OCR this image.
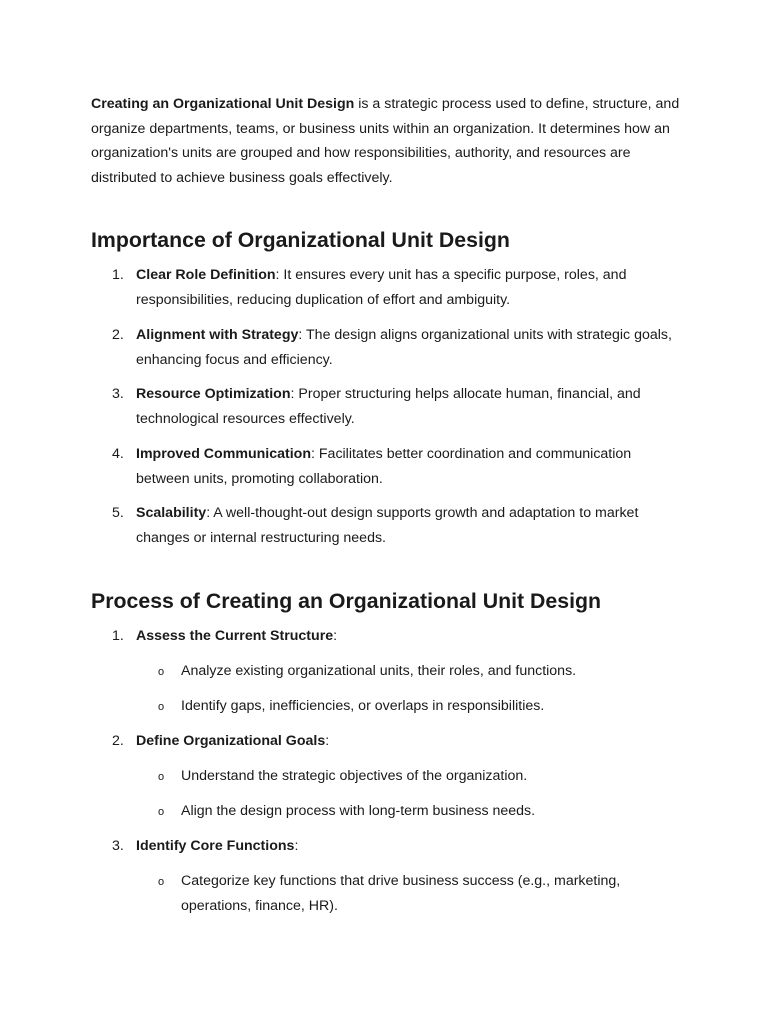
Creating an Organizational Unit Design is a strategic process used to define, structure, and organize departments, teams, or business units within an organization. It determines how an organization's units are grouped and how responsibilities, authority, and resources are distributed to achieve business goals effectively.

Importance of Organizational Unit Design
1. Clear Role Definition: It ensures every unit has a specific purpose, roles, and responsibilities, reducing duplication of effort and ambiguity.
2. Alignment with Strategy: The design aligns organizational units with strategic goals, enhancing focus and efficiency.
3. Resource Optimization: Proper structuring helps allocate human, financial, and technological resources effectively.
4. Improved Communication: Facilitates better coordination and communication between units, promoting collaboration.
5. Scalability: A well-thought-out design supports growth and adaptation to market changes or internal restructuring needs.
Process of Creating an Organizational Unit Design
1. Assess the Current Structure:
o Analyze existing organizational units, their roles, and functions.
o Identify gaps, inefficiencies, or overlaps in responsibilities.
2. Define Organizational Goals:
o Understand the strategic objectives of the organization.
o Align the design process with long-term business needs.
3. Identify Core Functions:
o Categorize key functions that drive business success (e.g., marketing, operations, finance, HR).
